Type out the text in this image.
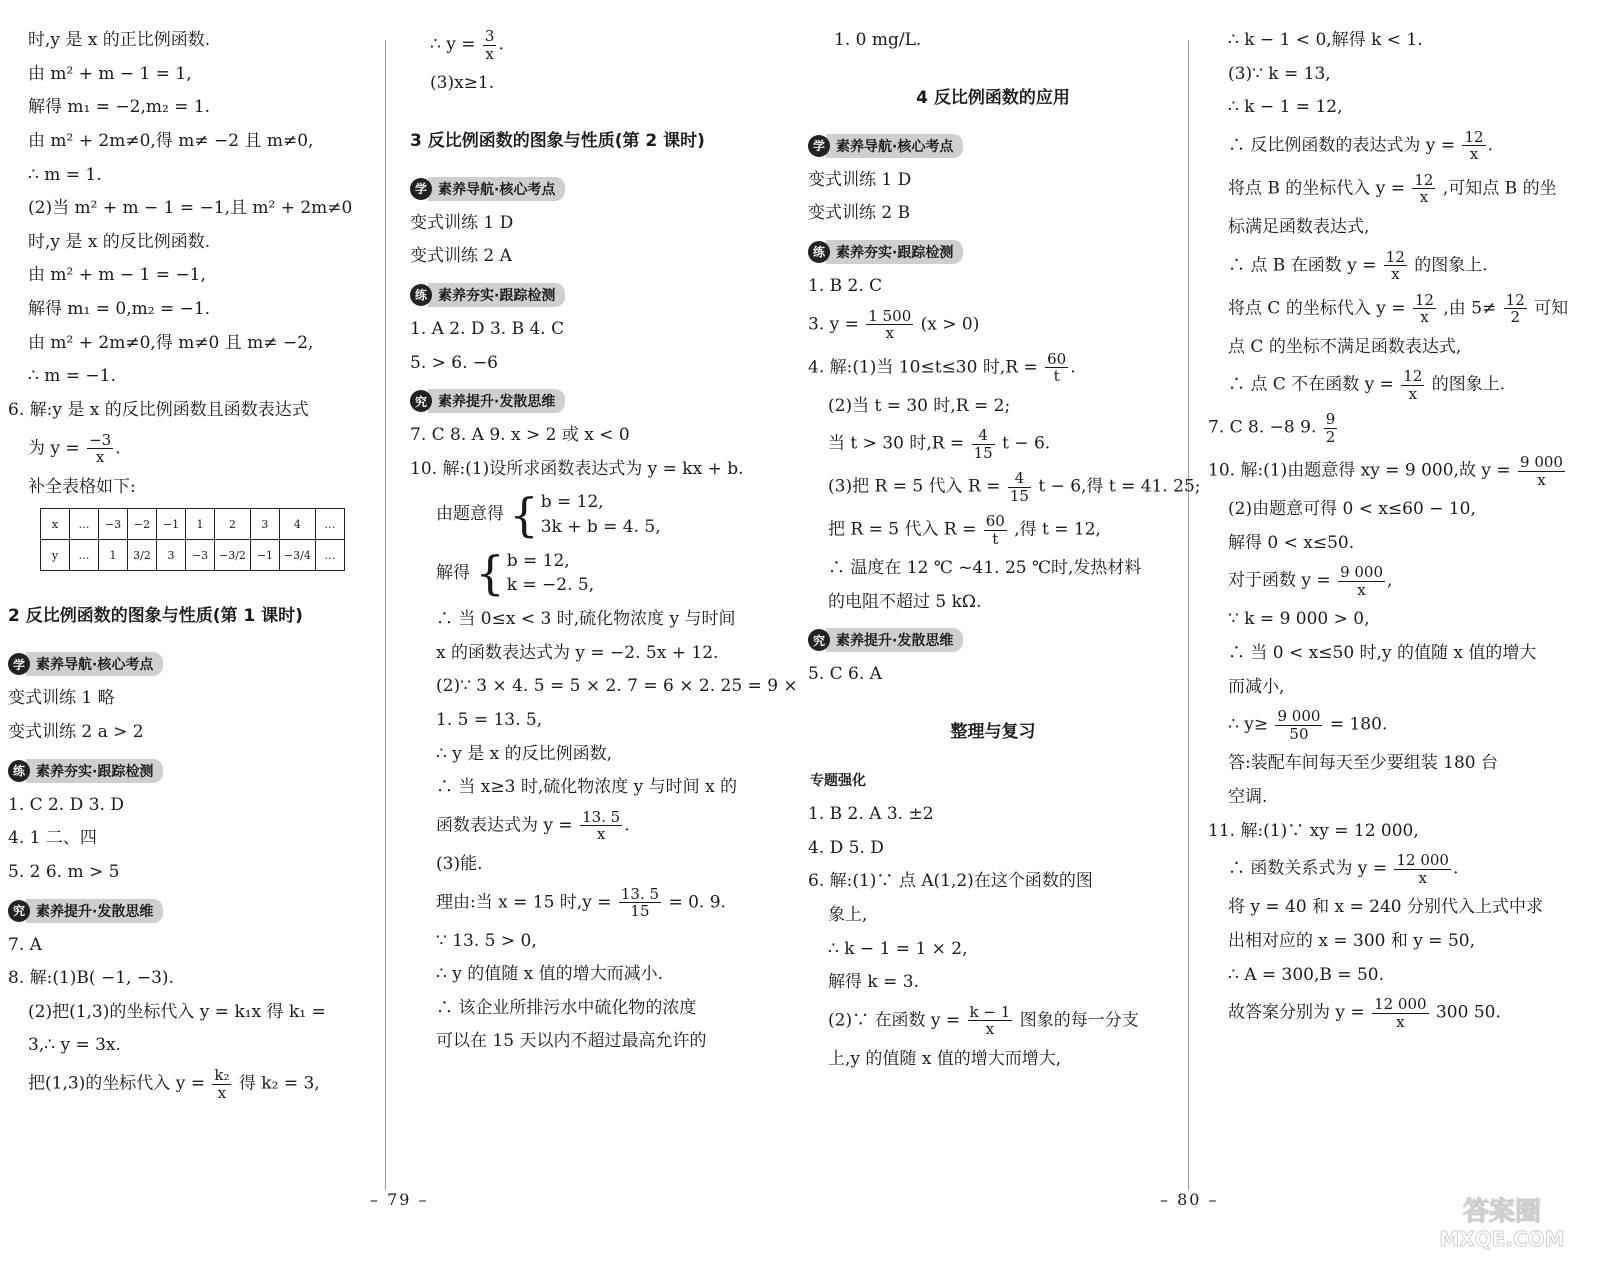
时,y 是 x 的正比例函数.
由 m² + m − 1 = 1,
解得 m₁ = −2,m₂ = 1.
由 m² + 2m≠0,得 m≠ −2 且 m≠0,
∴ m = 1.
(2)当 m² + m − 1 = −1,且 m² + 2m≠0
时,y 是 x 的反比例函数.
由 m² + m − 1 = −1,
解得 m₁ = 0,m₂ = −1.
由 m² + 2m≠0,得 m≠0 且 m≠ −2,
∴ m = −1.
6. 解:y 是 x 的反比例函数且函数表达式
为 $y = \frac{-3}{x}$ .
补全表格如下:
x	…	−3	−2	−1	1	2	3	4	…
y	…	1	3/2	3	−3	−3/2	−1	−3/4	…
2 反比例函数的图象与性质(第 1 课时)
学 素养导航·核心考点
变式训练 1 略
变式训练 2 a > 2
练 素养夯实·跟踪检测
1. C 2. D 3. D
4. 1 二、四
5. 2 6. m > 5
究 素养提升·发散思维
7. A
8. 解:(1)B( −1, −3).
(2)把(1,3)的坐标代入 y = k₁x 得 k₁ =
3,∴ y = 3x.
把(1,3)的坐标代入 $y = \frac{\text{k₂}}{x}$ 得 k₂ = 3,
∴ $y = \frac{3}{x}$ .
(3)x≥1.
3 反比例函数的图象与性质(第 2 课时)
学 素养导航·核心考点
变式训练 1 D
变式训练 2 A
练 素养夯实·跟踪检测
1. A 2. D 3. B 4. C
5. > 6. −6
究 素养提升·发散思维
7. C 8. A 9. x > 2 或 x < 0
10. 解:(1)设所求函数表达式为 y = kx + b.
由题意得 { b = 12,
3k + b = 4. 5,
解得 { b = 12,
k = −2. 5,
∴ 当 0≤x < 3 时,硫化物浓度 y 与时间
x 的函数表达式为 y = −2. 5x + 12.
(2)∵ 3 × 4. 5 = 5 × 2. 7 = 6 × 2. 25 = 9 ×
1. 5 = 13. 5,
∴ y 是 x 的反比例函数,
∴ 当 x≥3 时,硫化物浓度 y 与时间 x 的
函数表达式为 $y = \frac{13. 5}{x}$ .
(3)能.
理由:当 x = 15 时$,y = \frac{13. 5}{15} = 0$. 9.
∵ 13. 5 > 0,
∴ y 的值随 x 值的增大而减小.
∴ 该企业所排污水中硫化物的浓度
可以在 15 天以内不超过最高允许的
1. 0 mg/L.
4 反比例函数的应用
学 素养导航·核心考点
变式训练 1 D
变式训练 2 B
练 素养夯实·跟踪检测
1. B 2. C
3. $y = \frac{1 500}{x} (x > 0)$
4. 解:(1)当 10≤t≤30 时$,R = \frac{60}{t}$ .
(2)当 t = 30 时,R = 2;
当 t > 30 时$,R = \frac{4}{15}$ t − 6.
(3)把 R = 5 代入 $R = \frac{4}{15}$ t − 6,得 t = 41. 25;
把 R = 5 代入 $R = \frac{60}{t}$ ,得 t = 12,
∴ 温度在 12 ℃ ~41. 25 ℃时,发热材料
的电阻不超过 5 kΩ.
究 素养提升·发散思维
5. C 6. A
整理与复习
专题强化
1. B 2. A 3. ±2
4. D 5. D
6. 解:(1)∵ 点 A(1,2)在这个函数的图
象上,
∴ k − 1 = 1 × 2,
解得 k = 3.
(2)∵ 在函数 $y = \frac{k - 1}{x}$ 图象的每一分支
上,y 的值随 x 值的增大而增大,
∴ k − 1 < 0,解得 k < 1.
(3)∵ k = 13,
∴ k − 1 = 12,
∴ 反比例函数的表达式为 $y = \frac{12}{x}$ .
将点 B 的坐标代入 $y = \frac{12}{x}$ ,可知点 B 的坐
标满足函数表达式,
∴ 点 B 在函数 $y = \frac{12}{x}$ 的图象上.
将点 C 的坐标代入 $y = \frac{12}{x}$ ,由 $5\ne \frac{12}{2}$ 可知
点 C 的坐标不满足函数表达式,
∴ 点 C 不在函数 $y = \frac{12}{x}$ 的图象上.
7. C 8. −8 9. $\frac{9}{2}$
10. 解:(1)由题意得 xy = 9 000,故 $y = \frac{9 000}{x}$
(2)由题意可得 0 < x≤60 − 10,
解得 0 < x≤50.
对于函数 $y = \frac{9 000}{x}$ ,
∵ k = 9 000 > 0,
∴ 当 0 < x≤50 时,y 的值随 x 值的增大
而减小,
∴ $y\ge \frac{9 000}{50} = 180$.
答:装配车间每天至少要组装 180 台
空调.
11. 解:(1)∵ xy = 12 000,
∴ 函数关系式为 $y = \frac{12 000}{x}$ .
将 y = 40 和 x = 240 分别代入上式中求
出相对应的 x = 300 和 y = 50,
∴ A = 300,B = 50.
故答案分别为 $y = \frac{12 000}{x} 300$ 50.
– 79 –	– 80 –	答案圈
MXQE.COM
